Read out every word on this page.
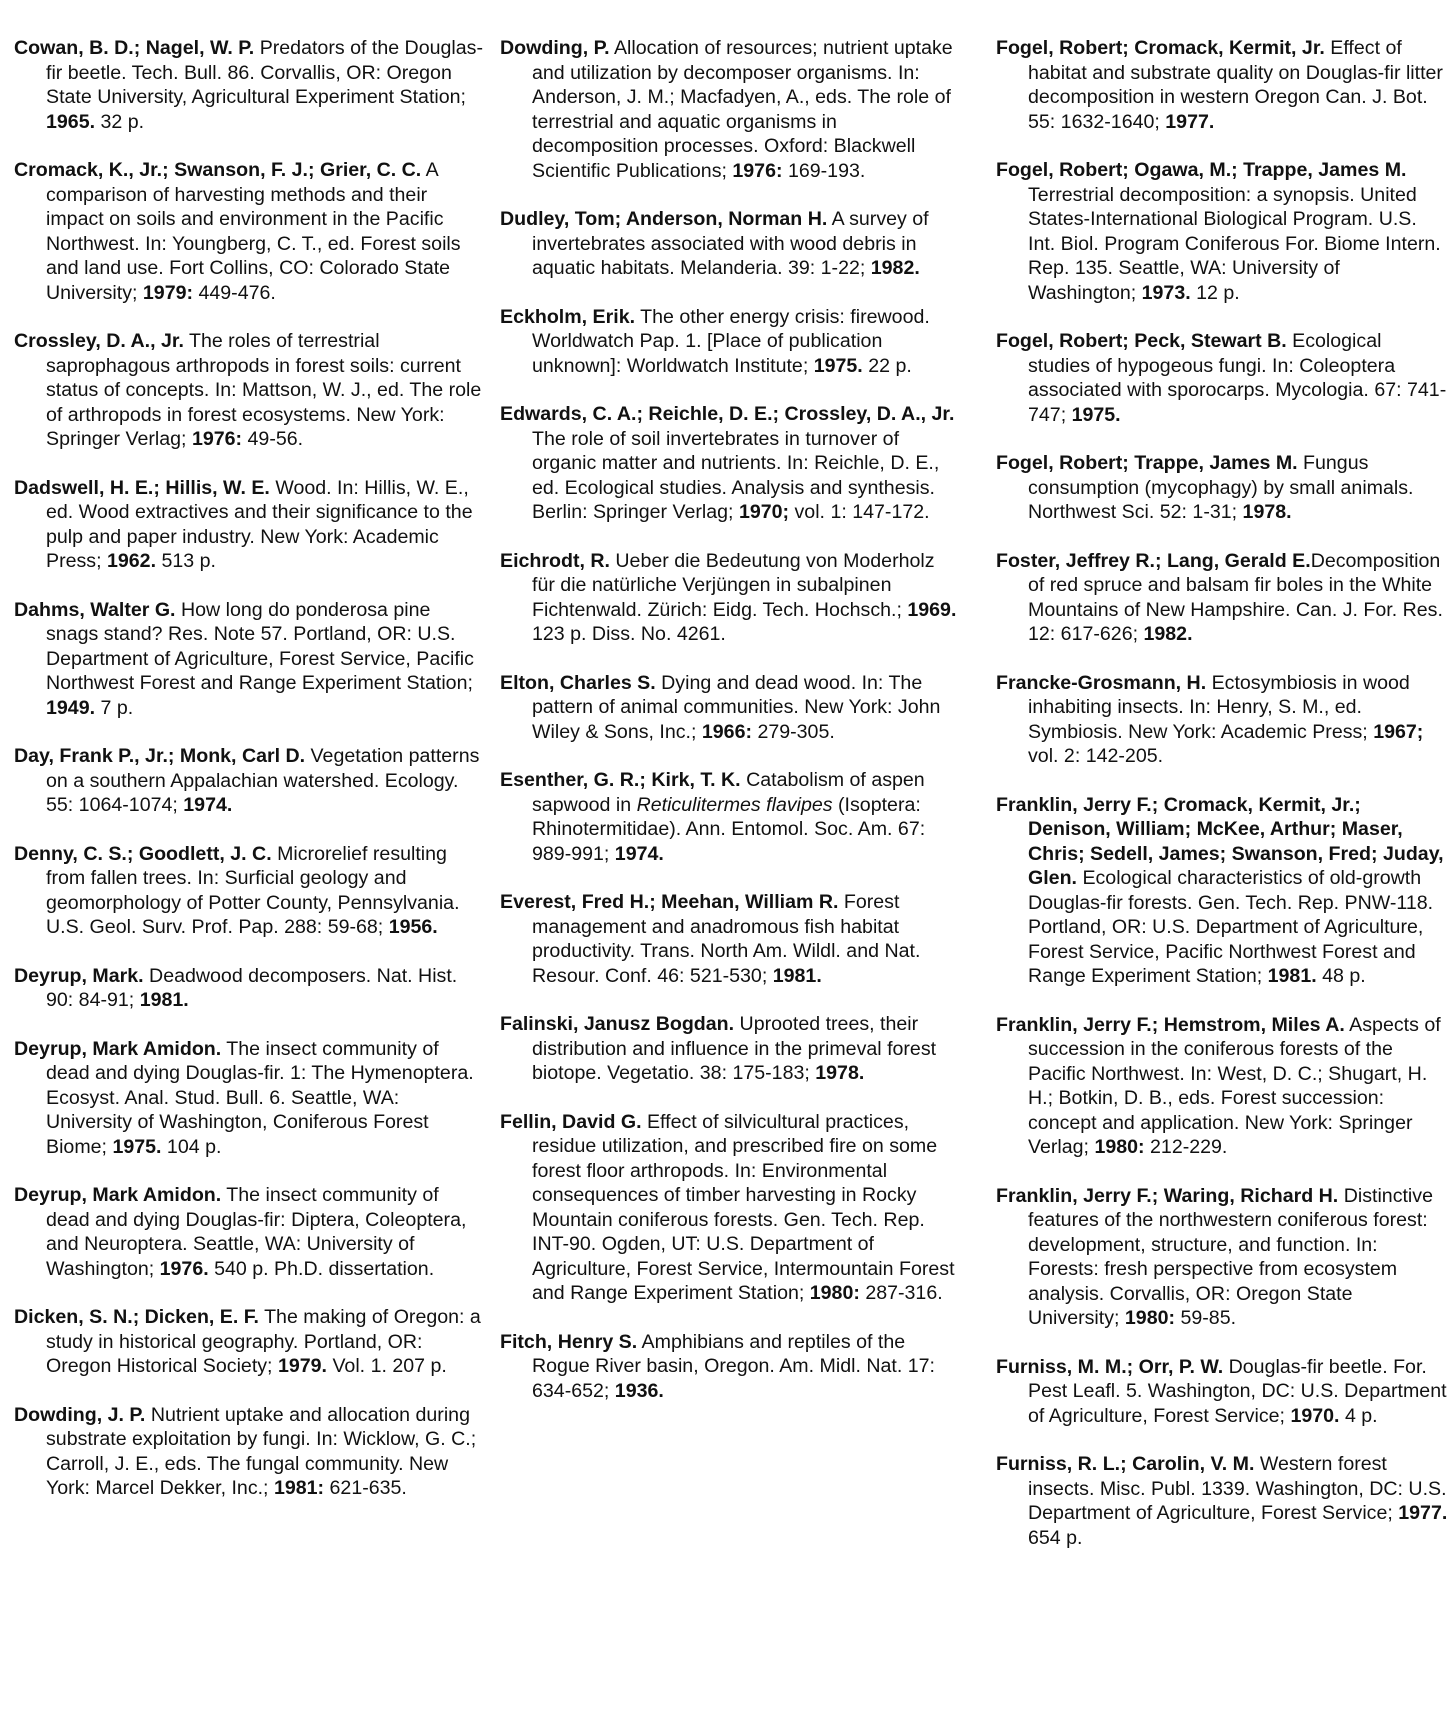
Cowan, B. D.; Nagel, W. P. Predators of the Douglas-fir beetle. Tech. Bull. 86. Corvallis, OR: Oregon State University, Agricultural Experiment Station; 1965. 32 p.

Cromack, K., Jr.; Swanson, F. J.; Grier, C. C. A comparison of harvesting methods and their impact on soils and environment in the Pacific Northwest. In: Youngberg, C. T., ed. Forest soils and land use. Fort Collins, CO: Colorado State University; 1979: 449-476.

Crossley, D. A., Jr. The roles of terrestrial saprophagous arthropods in forest soils: current status of concepts. In: Mattson, W. J., ed. The role of arthropods in forest ecosystems. New York: Springer Verlag; 1976: 49-56.

Dadswell, H. E.; Hillis, W. E. Wood. In: Hillis, W. E., ed. Wood extractives and their significance to the pulp and paper industry. New York: Academic Press; 1962. 513 p.

Dahms, Walter G. How long do ponderosa pine snags stand? Res. Note 57. Portland, OR: U.S. Department of Agriculture, Forest Service, Pacific Northwest Forest and Range Experiment Station; 1949. 7 p.

Day, Frank P., Jr.; Monk, Carl D. Vegetation patterns on a southern Appalachian watershed. Ecology. 55: 1064-1074; 1974.

Denny, C. S.; Goodlett, J. C. Microrelief resulting from fallen trees. In: Surficial geology and geomorphology of Potter County, Pennsylvania. U.S. Geol. Surv. Prof. Pap. 288: 59-68; 1956.

Deyrup, Mark. Deadwood decomposers. Nat. Hist. 90: 84-91; 1981.

Deyrup, Mark Amidon. The insect community of dead and dying Douglas-fir. 1: The Hymenoptera. Ecosyst. Anal. Stud. Bull. 6. Seattle, WA: University of Washington, Coniferous Forest Biome; 1975. 104 p.

Deyrup, Mark Amidon. The insect community of dead and dying Douglas-fir: Diptera, Coleoptera, and Neuroptera. Seattle, WA: University of Washington; 1976. 540 p. Ph.D. dissertation.

Dicken, S. N.; Dicken, E. F. The making of Oregon: a study in historical geography. Portland, OR: Oregon Historical Society; 1979. Vol. 1. 207 p.

Dowding, J. P. Nutrient uptake and allocation during substrate exploitation by fungi. In: Wicklow, G. C.; Carroll, J. E., eds. The fungal community. New York: Marcel Dekker, Inc.; 1981: 621-635.

Dowding, P. Allocation of resources; nutrient uptake and utilization by decomposer organisms. In: Anderson, J. M.; Macfadyen, A., eds. The role of terrestrial and aquatic organisms in decomposition processes. Oxford: Blackwell Scientific Publications; 1976: 169-193.

Dudley, Tom; Anderson, Norman H. A survey of invertebrates associated with wood debris in aquatic habitats. Melanderia. 39: 1-22; 1982.

Eckholm, Erik. The other energy crisis: firewood. Worldwatch Pap. 1. [Place of publication unknown]: Worldwatch Institute; 1975. 22 p.

Edwards, C. A.; Reichle, D. E.; Crossley, D. A., Jr. The role of soil invertebrates in turnover of organic matter and nutrients. In: Reichle, D. E., ed. Ecological studies. Analysis and synthesis. Berlin: Springer Verlag; 1970; vol. 1: 147-172.

Eichrodt, R. Ueber die Bedeutung von Moderholz für die natürliche Verjüngen in subalpinen Fichtenwald. Zürich: Eidg. Tech. Hochsch.; 1969. 123 p. Diss. No. 4261.

Elton, Charles S. Dying and dead wood. In: The pattern of animal communities. New York: John Wiley & Sons, Inc.; 1966: 279-305.

Esenther, G. R.; Kirk, T. K. Catabolism of aspen sapwood in Reticulitermes flavipes (Isoptera: Rhinotermitidae). Ann. Entomol. Soc. Am. 67: 989-991; 1974.

Everest, Fred H.; Meehan, William R. Forest management and anadromous fish habitat productivity. Trans. North Am. Wildl. and Nat. Resour. Conf. 46: 521-530; 1981.

Falinski, Janusz Bogdan. Uprooted trees, their distribution and influence in the primeval forest biotope. Vegetatio. 38: 175-183; 1978.

Fellin, David G. Effect of silvicultural practices, residue utilization, and prescribed fire on some forest floor arthropods. In: Environmental consequences of timber harvesting in Rocky Mountain coniferous forests. Gen. Tech. Rep. INT-90. Ogden, UT: U.S. Department of Agriculture, Forest Service, Intermountain Forest and Range Experiment Station; 1980: 287-316.

Fitch, Henry S. Amphibians and reptiles of the Rogue River basin, Oregon. Am. Midl. Nat. 17: 634-652; 1936.

Fogel, Robert; Cromack, Kermit, Jr. Effect of habitat and substrate quality on Douglas-fir litter decomposition in western Oregon Can. J. Bot. 55: 1632-1640; 1977.

Fogel, Robert; Ogawa, M.; Trappe, James M. Terrestrial decomposition: a synopsis. United States-International Biological Program. U.S. Int. Biol. Program Coniferous For. Biome Intern. Rep. 135. Seattle, WA: University of Washington; 1973. 12 p.

Fogel, Robert; Peck, Stewart B. Ecological studies of hypogeous fungi. In: Coleoptera associated with sporocarps. Mycologia. 67: 741-747; 1975.

Fogel, Robert; Trappe, James M. Fungus consumption (mycophagy) by small animals. Northwest Sci. 52: 1-31; 1978.

Foster, Jeffrey R.; Lang, Gerald E.Decomposition of red spruce and balsam fir boles in the White Mountains of New Hampshire. Can. J. For. Res. 12: 617-626; 1982.

Francke-Grosmann, H. Ectosymbiosis in wood inhabiting insects. In: Henry, S. M., ed. Symbiosis. New York: Academic Press; 1967; vol. 2: 142-205.

Franklin, Jerry F.; Cromack, Kermit, Jr.; Denison, William; McKee, Arthur; Maser, Chris; Sedell, James; Swanson, Fred; Juday, Glen. Ecological characteristics of old-growth Douglas-fir forests. Gen. Tech. Rep. PNW-118. Portland, OR: U.S. Department of Agriculture, Forest Service, Pacific Northwest Forest and Range Experiment Station; 1981. 48 p.

Franklin, Jerry F.; Hemstrom, Miles A. Aspects of succession in the coniferous forests of the Pacific Northwest. In: West, D. C.; Shugart, H. H.; Botkin, D. B., eds. Forest succession: concept and application. New York: Springer Verlag; 1980: 212-229.

Franklin, Jerry F.; Waring, Richard H. Distinctive features of the northwestern coniferous forest: development, structure, and function. In: Forests: fresh perspective from ecosystem analysis. Corvallis, OR: Oregon State University; 1980: 59-85.

Furniss, M. M.; Orr, P. W. Douglas-fir beetle. For. Pest Leafl. 5. Washington, DC: U.S. Department of Agriculture, Forest Service; 1970. 4 p.

Furniss, R. L.; Carolin, V. M. Western forest insects. Misc. Publ. 1339. Washington, DC: U.S. Department of Agriculture, Forest Service; 1977. 654 p.
